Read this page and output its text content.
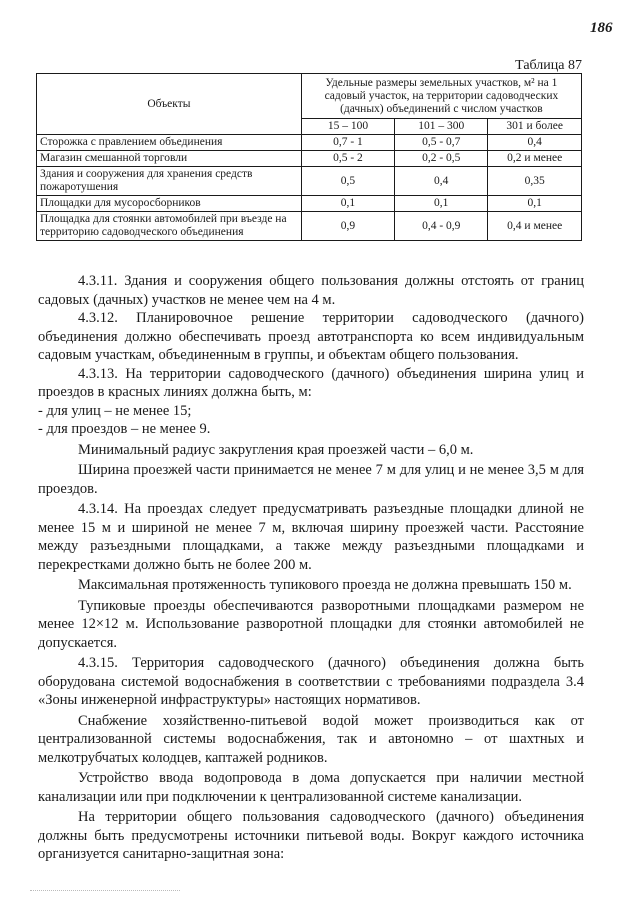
186
Таблица 87
Объекты	Удельные размеры земельных участков, м² на 1 садовый участок, на территории садоводческих (дачных) объединений с числом участков		
	15 – 100	101 – 300	301 и более
Сторожка с правлением объединения	0,7 - 1	0,5 - 0,7	0,4
Магазин смешанной торговли	0,5 - 2	0,2 - 0,5	0,2 и менее
Здания и сооружения для хранения средств пожаротушения	0,5	0,4	0,35
Площадки для мусоросборников	0,1	0,1	0,1
Площадка для стоянки автомобилей при въезде на территорию садоводческого объединения	0,9	0,4 - 0,9	0,4 и менее

4.3.11. Здания и сооружения общего пользования должны отстоять от границ садовых (дачных) участков не менее чем на 4 м.

4.3.12. Планировочное решение территории садоводческого (дачного) объединения должно обеспечивать проезд автотранспорта ко всем индивидуальным садовым участкам, объединенным в группы, и объектам общего пользования.

4.3.13. На территории садоводческого (дачного) объединения ширина улиц и проездов в красных линиях должна быть, м:

- для улиц – не менее 15;

- для проездов – не менее 9.

Минимальный радиус закругления края проезжей части – 6,0 м.

Ширина проезжей части принимается не менее 7 м для улиц и не менее 3,5 м для проездов.

4.3.14. На проездах следует предусматривать разъездные площадки длиной не менее 15 м и шириной не менее 7 м, включая ширину проезжей части. Расстояние между разъездными площадками, а также между разъездными площадками и перекрестками должно быть не более 200 м.

Максимальная протяженность тупикового проезда не должна превышать 150 м.

Тупиковые проезды обеспечиваются разворотными площадками размером не менее 12×12 м. Использование разворотной площадки для стоянки автомобилей не допускается.

4.3.15. Территория садоводческого (дачного) объединения должна быть оборудована системой водоснабжения в соответствии с требованиями подраздела 3.4 «Зоны инженерной инфраструктуры» настоящих нормативов.

Снабжение хозяйственно-питьевой водой может производиться как от централизованной системы водоснабжения, так и автономно – от шахтных и мелкотрубчатых колодцев, каптажей родников.

Устройство ввода водопровода в дома допускается при наличии местной канализации или при подключении к централизованной системе канализации.

На территории общего пользования садоводческого (дачного) объединения должны быть предусмотрены источники питьевой воды. Вокруг каждого источника организуется санитарно-защитная зона:
